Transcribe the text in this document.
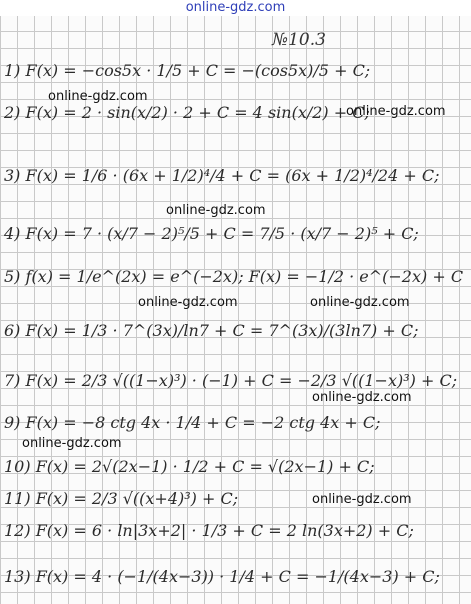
online-gdz.com
№10.3
1) F(x) = −cos5x · 1/5 + C = −(cos5x)/5 + C;
2) F(x) = 2 · sin(x/2) · 2 + C = 4 sin(x/2) + C;
3) F(x) = 1/6 · (6x + 1/2)⁴/4 + C = (6x + 1/2)⁴/24 + C;
4) F(x) = 7 · (x/7 − 2)⁵/5 + C = 7/5 · (x/7 − 2)⁵ + C;
5) f(x) = 1/e^(2x) = e^(−2x); F(x) = −1/2 · e^(−2x) + C
6) F(x) = 1/3 · 7^(3x)/ln7 + C = 7^(3x)/(3ln7) + C;
7) F(x) = 2/3 √((1−x)³) · (−1) + C = −2/3 √((1−x)³) + C;
9) F(x) = −8 ctg 4x · 1/4 + C = −2 ctg 4x + C;
10) F(x) = 2√(2x−1) · 1/2 + C = √(2x−1) + C;
11) F(x) = 2/3 √((x+4)³) + C;
12) F(x) = 6 · ln|3x+2| · 1/3 + C = 2 ln(3x+2) + C;
13) F(x) = 4 · (−1/(4x−3)) · 1/4 + C = −1/(4x−3) + C;
online-gdz.com
online-gdz.com
online-gdz.com
online-gdz.com	online-gdz.com
online-gdz.com
online-gdz.com
online-gdz.com
